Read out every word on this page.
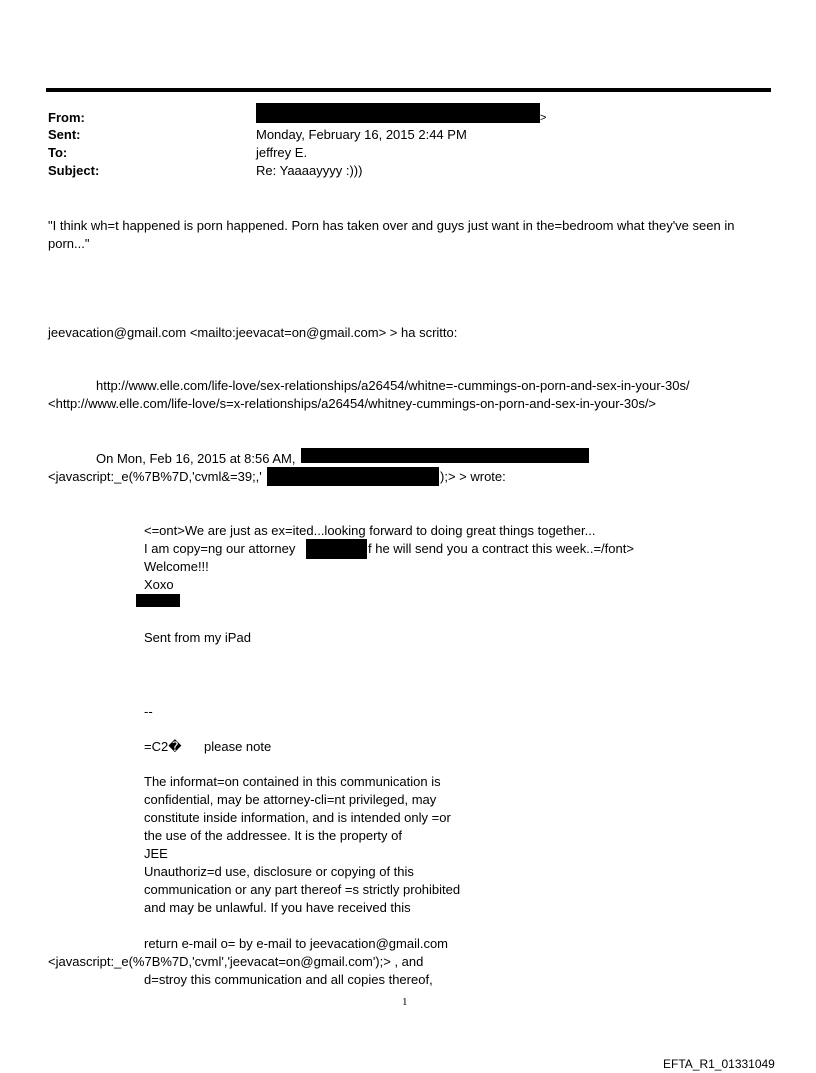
From:	>
Sent:	Monday, February 16, 2015 2:44 PM
To:	jeffrey E.
Subject:	Re: Yaaaayyyy :)))
"I think wh=t happened is porn happened. Porn has taken over and guys just want in the=bedroom what they've seen in
porn..."
jeevacation@gmail.com <mailto:jeevacat=on@gmail.com> > ha scritto:
http://www.elle.com/life-love/sex-relationships/a26454/whitne=-cummings-on-porn-and-sex-in-your-30s/
<http://www.elle.com/life-love/s=x-relationships/a26454/whitney-cummings-on-porn-and-sex-in-your-30s/>
On Mon, Feb 16, 2015 at 8:56 AM,
<javascript:_e(%7B%7D,'cvml&=39;,'	);> > wrote:
<=ont>We are just as ex=ited...looking forward to doing great things together...
I am copy=ng our attorney	f he will send you a contract this week..=/font>
Welcome!!!
Xoxo
Sent from my iPad
--
=C2� please note
The informat=on contained in this communication is
confidential, may be attorney-cli=nt privileged, may
constitute inside information, and is intended only =or
the use of the addressee. It is the property of
JEE
Unauthoriz=d use, disclosure or copying of this
communication or any part thereof =s strictly prohibited
and may be unlawful. If you have received this
return e-mail o= by e-mail to jeevacation@gmail.com
<javascript:_e(%7B%7D,'cvml','jeevacat=on@gmail.com');> , and
d=stroy this communication and all copies thereof,
1
EFTA_R1_01331049
